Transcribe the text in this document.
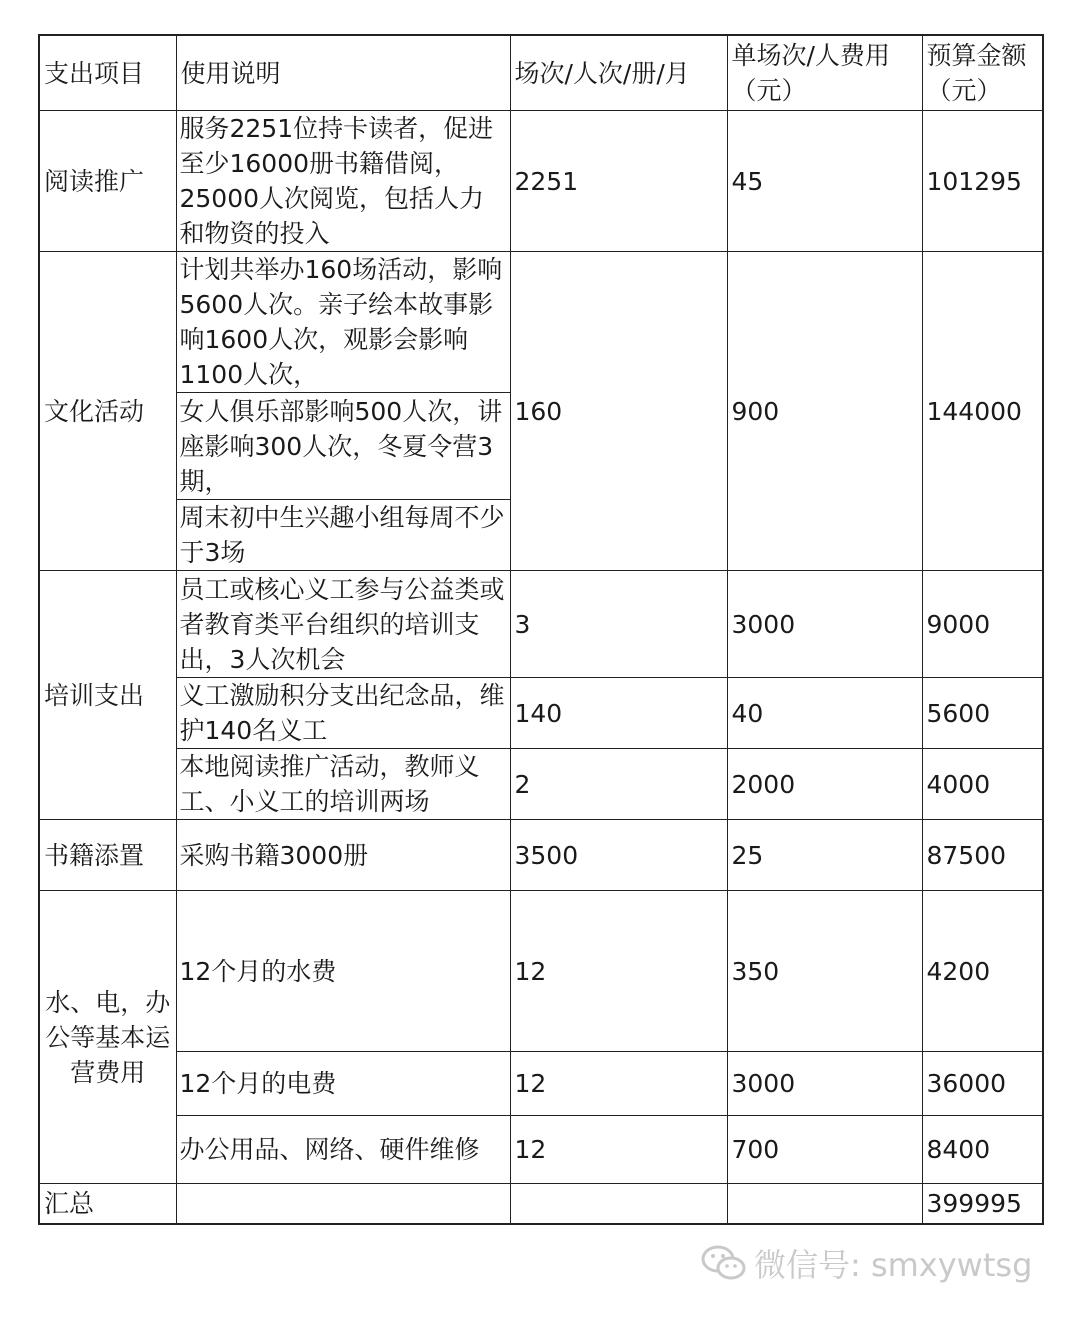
支出项目	使用说明	场次/人次/册/月	单场次/人费用（元）	预算金额（元）
阅读推广	服务2251位持卡读者，促进至少16000册书籍借阅，25000人次阅览，包括人力和物资的投入	2251	45	101295
文化活动	计划共举办160场活动，影响5600人次。亲子绘本故事影响1600人次，观影会影响1100人次，	160	900	144000
	女人俱乐部影响500人次，讲座影响300人次，冬夏令营3期，			
	周末初中生兴趣小组每周不少于3场			
培训支出	员工或核心义工参与公益类或者教育类平台组织的培训支出，3人次机会	3	3000	9000
	义工激励积分支出纪念品，维护140名义工	140	40	5600
	本地阅读推广活动，教师义工、小义工的培训两场	2	2000	4000
书籍添置	采购书籍3000册	3500	25	87500
水、电，办公等基本运营费用	12个月的水费	12	350	4200
	12个月的电费	12	3000	36000
	办公用品、网络、硬件维修	12	700	8400
汇总				399995
微信号: smxywtsg
